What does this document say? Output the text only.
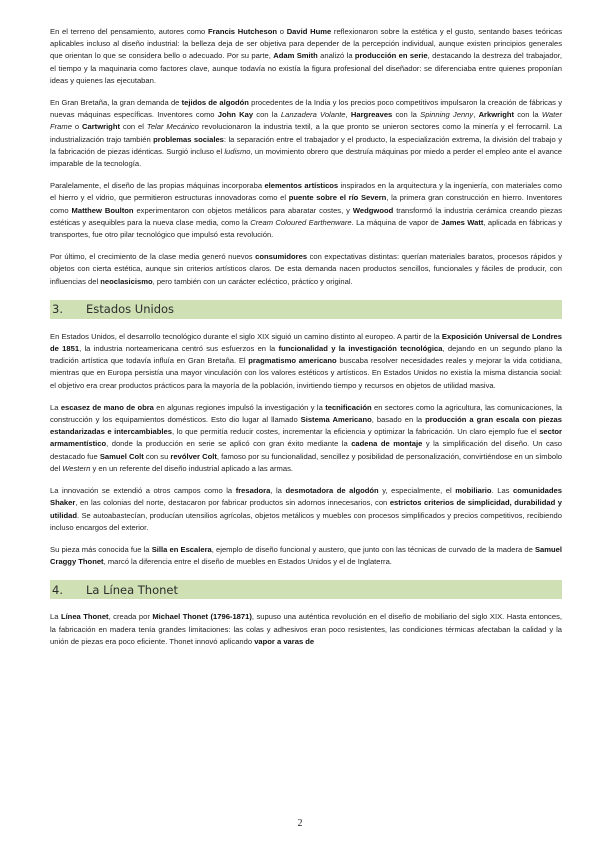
En el terreno del pensamiento, autores como Francis Hutcheson o David Hume reflexionaron sobre la estética y el gusto, sentando bases teóricas aplicables incluso al diseño industrial: la belleza deja de ser objetiva para depender de la percepción individual, aunque existen principios generales que orientan lo que se considera bello o adecuado. Por su parte, Adam Smith analizó la producción en serie, destacando la destreza del trabajador, el tiempo y la maquinaria como factores clave, aunque todavía no existía la figura profesional del diseñador: se diferenciaba entre quienes proponían ideas y quienes las ejecutaban.

En Gran Bretaña, la gran demanda de tejidos de algodón procedentes de la India y los precios poco competitivos impulsaron la creación de fábricas y nuevas máquinas específicas. Inventores como John Kay con la Lanzadera Volante, Hargreaves con la Spinning Jenny, Arkwright con la Water Frame o Cartwright con el Telar Mecánico revolucionaron la industria textil, a la que pronto se unieron sectores como la minería y el ferrocarril. La industrialización trajo también problemas sociales: la separación entre el trabajador y el producto, la especialización extrema, la división del trabajo y la fabricación de piezas idénticas. Surgió incluso el ludismo, un movimiento obrero que destruía máquinas por miedo a perder el empleo ante el avance imparable de la tecnología.

Paralelamente, el diseño de las propias máquinas incorporaba elementos artísticos inspirados en la arquitectura y la ingeniería, con materiales como el hierro y el vidrio, que permitieron estructuras innovadoras como el puente sobre el río Severn, la primera gran construcción en hierro. Inventores como Matthew Boulton experimentaron con objetos metálicos para abaratar costes, y Wedgwood transformó la industria cerámica creando piezas estéticas y asequibles para la nueva clase media, como la Cream Coloured Earthenware. La máquina de vapor de James Watt, aplicada en fábricas y transportes, fue otro pilar tecnológico que impulsó esta revolución.

Por último, el crecimiento de la clase media generó nuevos consumidores con expectativas distintas: querían materiales baratos, procesos rápidos y objetos con cierta estética, aunque sin criterios artísticos claros. De esta demanda nacen productos sencillos, funcionales y fáciles de producir, con influencias del neoclasicismo, pero también con un carácter ecléctico, práctico y original.

3.	Estados Unidos

En Estados Unidos, el desarrollo tecnológico durante el siglo XIX siguió un camino distinto al europeo. A partir de la Exposición Universal de Londres de 1851, la industria norteamericana centró sus esfuerzos en la funcionalidad y la investigación tecnológica, dejando en un segundo plano la tradición artística que todavía influía en Gran Bretaña. El pragmatismo americano buscaba resolver necesidades reales y mejorar la vida cotidiana, mientras que en Europa persistía una mayor vinculación con los valores estéticos y artísticos. En Estados Unidos no existía la misma distancia social: el objetivo era crear productos prácticos para la mayoría de la población, invirtiendo tiempo y recursos en objetos de utilidad masiva.

La escasez de mano de obra en algunas regiones impulsó la investigación y la tecnificación en sectores como la agricultura, las comunicaciones, la construcción y los equipamientos domésticos. Esto dio lugar al llamado Sistema Americano, basado en la producción a gran escala con piezas estandarizadas e intercambiables, lo que permitía reducir costes, incrementar la eficiencia y optimizar la fabricación. Un claro ejemplo fue el sector armamentístico, donde la producción en serie se aplicó con gran éxito mediante la cadena de montaje y la simplificación del diseño. Un caso destacado fue Samuel Colt con su revólver Colt, famoso por su funcionalidad, sencillez y posibilidad de personalización, convirtiéndose en un símbolo del Western y en un referente del diseño industrial aplicado a las armas.

La innovación se extendió a otros campos como la fresadora, la desmotadora de algodón y, especialmente, el mobiliario. Las comunidades Shaker, en las colonias del norte, destacaron por fabricar productos sin adornos innecesarios, con estrictos criterios de simplicidad, durabilidad y utilidad. Se autoabastecían, producían utensilios agrícolas, objetos metálicos y muebles con procesos simplificados y precios competitivos, recibiendo incluso encargos del exterior.

Su pieza más conocida fue la Silla en Escalera, ejemplo de diseño funcional y austero, que junto con las técnicas de curvado de la madera de Samuel Craggy Thonet, marcó la diferencia entre el diseño de muebles en Estados Unidos y el de Inglaterra.

4.	La Línea Thonet

La Línea Thonet, creada por Michael Thonet (1796-1871), supuso una auténtica revolución en el diseño de mobiliario del siglo XIX. Hasta entonces, la fabricación en madera tenía grandes limitaciones: las colas y adhesivos eran poco resistentes, las condiciones térmicas afectaban la calidad y la unión de piezas era poco eficiente. Thonet innovó aplicando vapor a varas de

2
